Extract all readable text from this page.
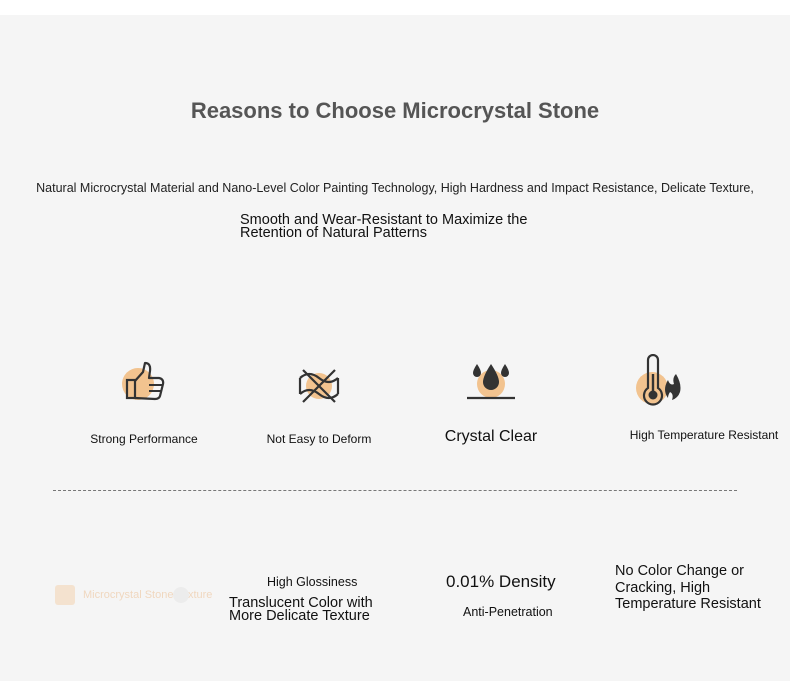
Reasons to Choose Microcrystal Stone
Natural Microcrystal Material and Nano-Level Color Painting Technology, High Hardness and Impact Resistance, Delicate Texture,
Smooth and Wear-Resistant to Maximize the Retention of Natural Patterns
Strong Performance	Not Easy to Deform	Crystal Clear	High Temperature Resistant
Microcrystal Stone Texture
High Glossiness
Translucent Color with More Delicate Texture
0.01% Density
Anti-Penetration
No Color Change or Cracking, High Temperature Resistant
